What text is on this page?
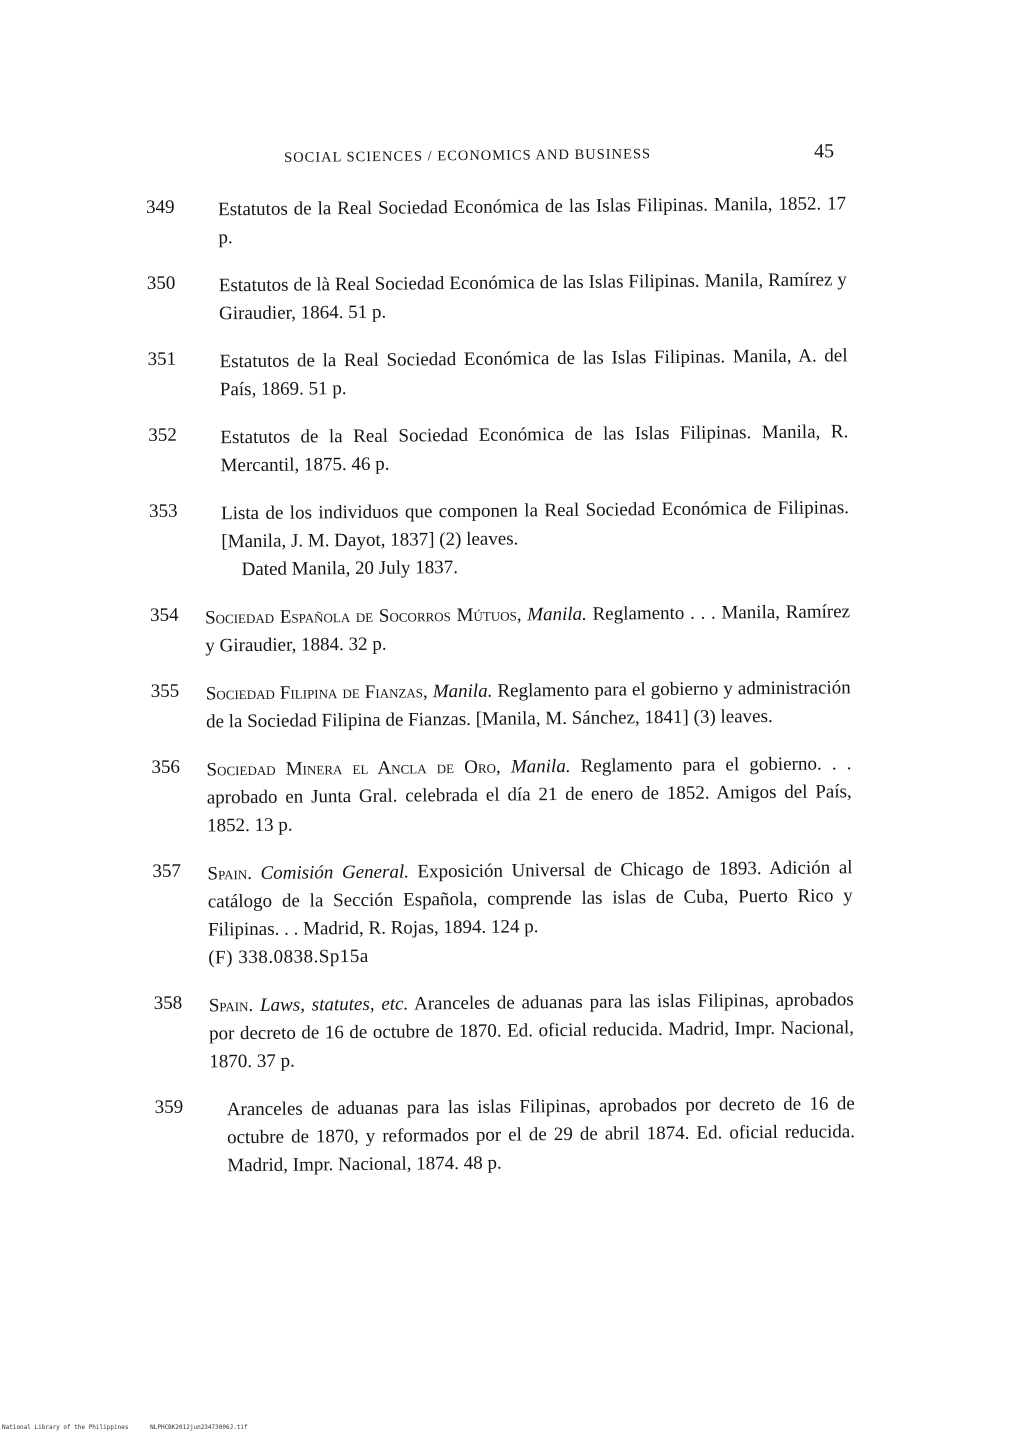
SOCIAL SCIENCES / ECONOMICS AND BUSINESS	45
349 Estatutos de la Real Sociedad Económica de las Islas Filipinas. Manila, 1852. 17 p.
350 Estatutos de là Real Sociedad Económica de las Islas Filipinas. Manila, Ramírez y Giraudier, 1864. 51 p.
351 Estatutos de la Real Sociedad Económica de las Islas Filipinas. Manila, A. del País, 1869. 51 p.
352 Estatutos de la Real Sociedad Económica de las Islas Filipinas. Manila, R. Mercantil, 1875. 46 p.
353 Lista de los individuos que componen la Real Sociedad Económica de Filipinas. [Manila, J. M. Dayot, 1837] (2) leaves.
Dated Manila, 20 July 1837.
354 Sociedad Española de Socorros Mútuos, Manila. Reglamento . . . Manila, Ramírez y Giraudier, 1884. 32 p.
355 Sociedad Filipina de Fianzas, Manila. Reglamento para el gobierno y administración de la Sociedad Filipina de Fianzas. [Manila, M. Sánchez, 1841] (3) leaves.
356 Sociedad Minera el Ancla de Oro, Manila. Reglamento para el gobierno. . . aprobado en Junta Gral. celebrada el día 21 de enero de 1852. Amigos del País, 1852. 13 p.
357 Spain. Comisión General. Exposición Universal de Chicago de 1893. Adición al catálogo de la Sección Española, comprende las islas de Cuba, Puerto Rico y Filipinas. . . Madrid, R. Rojas, 1894. 124 p.
(F) 338.0838.Sp15a
358 Spain. Laws, statutes, etc. Aranceles de aduanas para las islas Filipinas, aprobados por decreto de 16 de octubre de 1870. Ed. oficial reducida. Madrid, Impr. Nacional, 1870. 37 p.
359 Aranceles de aduanas para las islas Filipinas, aprobados por decreto de 16 de octubre de 1870, y reformados por el de 29 de abril 1874. Ed. oficial reducida. Madrid, Impr. Nacional, 1874. 48 p.
National Library of the Philippines	NLPHCBK2012jun23473006J.tif
